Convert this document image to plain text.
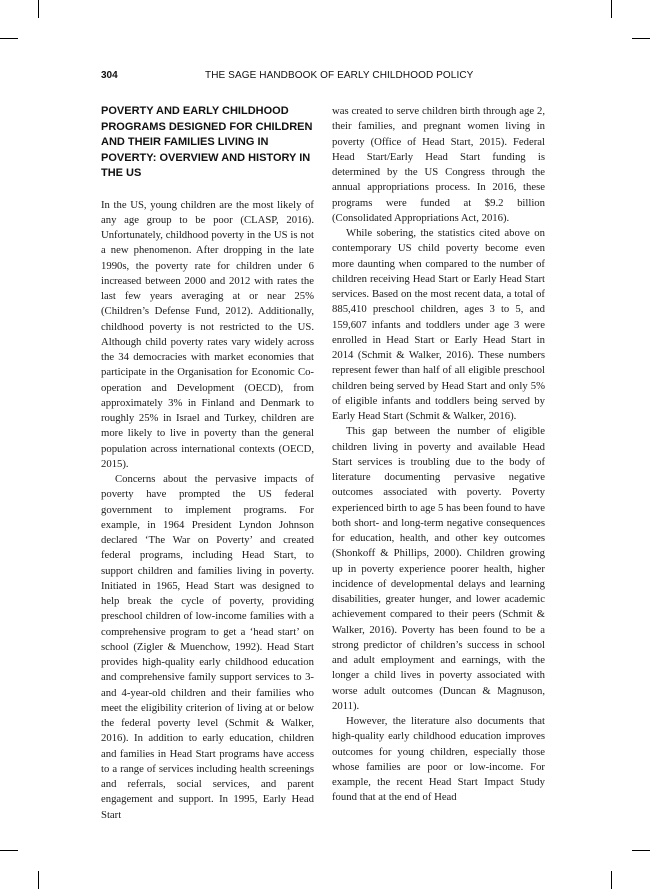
304	THE SAGE HANDBOOK OF EARLY CHILDHOOD POLICY
POVERTY AND EARLY CHILDHOOD PROGRAMS DESIGNED FOR CHILDREN AND THEIR FAMILIES LIVING IN POVERTY: OVERVIEW AND HISTORY IN THE US

In the US, young children are the most likely of any age group to be poor (CLASP, 2016). Unfortunately, childhood poverty in the US is not a new phenomenon. After dropping in the late 1990s, the poverty rate for children under 6 increased between 2000 and 2012 with rates the last few years averaging at or near 25% (Children’s Defense Fund, 2012). Additionally, childhood poverty is not restricted to the US. Although child poverty rates vary widely across the 34 democracies with market economies that participate in the Organisation for Economic Co-operation and Development (OECD), from approximately 3% in Finland and Denmark to roughly 25% in Israel and Turkey, children are more likely to live in poverty than the general population across international contexts (OECD, 2015).

Concerns about the pervasive impacts of poverty have prompted the US federal government to implement programs. For example, in 1964 President Lyndon Johnson declared ‘The War on Poverty’ and created federal programs, including Head Start, to support children and families living in poverty. Initiated in 1965, Head Start was designed to help break the cycle of poverty, providing preschool children of low-income families with a comprehensive program to get a ‘head start’ on school (Zigler & Muenchow, 1992). Head Start provides high-quality early childhood education and comprehensive family support services to 3- and 4-year-old children and their families who meet the eligibility criterion of living at or below the federal poverty level (Schmit & Walker, 2016). In addition to early education, children and families in Head Start programs have access to a range of services including health screenings and referrals, social services, and parent engagement and support. In 1995, Early Head Start

was created to serve children birth through age 2, their families, and pregnant women living in poverty (Office of Head Start, 2015). Federal Head Start/Early Head Start funding is determined by the US Congress through the annual appropriations process. In 2016, these programs were funded at $9.2 billion (Consolidated Appropriations Act, 2016).

While sobering, the statistics cited above on contemporary US child poverty become even more daunting when compared to the number of children receiving Head Start or Early Head Start services. Based on the most recent data, a total of 885,410 preschool children, ages 3 to 5, and 159,607 infants and toddlers under age 3 were enrolled in Head Start or Early Head Start in 2014 (Schmit & Walker, 2016). These numbers represent fewer than half of all eligible preschool children being served by Head Start and only 5% of eligible infants and toddlers being served by Early Head Start (Schmit & Walker, 2016).

This gap between the number of eligible children living in poverty and available Head Start services is troubling due to the body of literature documenting pervasive negative outcomes associated with poverty. Poverty experienced birth to age 5 has been found to have both short- and long-term negative consequences for education, health, and other key outcomes (Shonkoff & Phillips, 2000). Children growing up in poverty experience poorer health, higher incidence of developmental delays and learning disabilities, greater hunger, and lower academic achievement compared to their peers (Schmit & Walker, 2016). Poverty has been found to be a strong predictor of children’s success in school and adult employment and earnings, with the longer a child lives in poverty associated with worse adult outcomes (Duncan & Magnuson, 2011).

However, the literature also documents that high-quality early childhood education improves outcomes for young children, especially those whose families are poor or low-income. For example, the recent Head Start Impact Study found that at the end of Head
